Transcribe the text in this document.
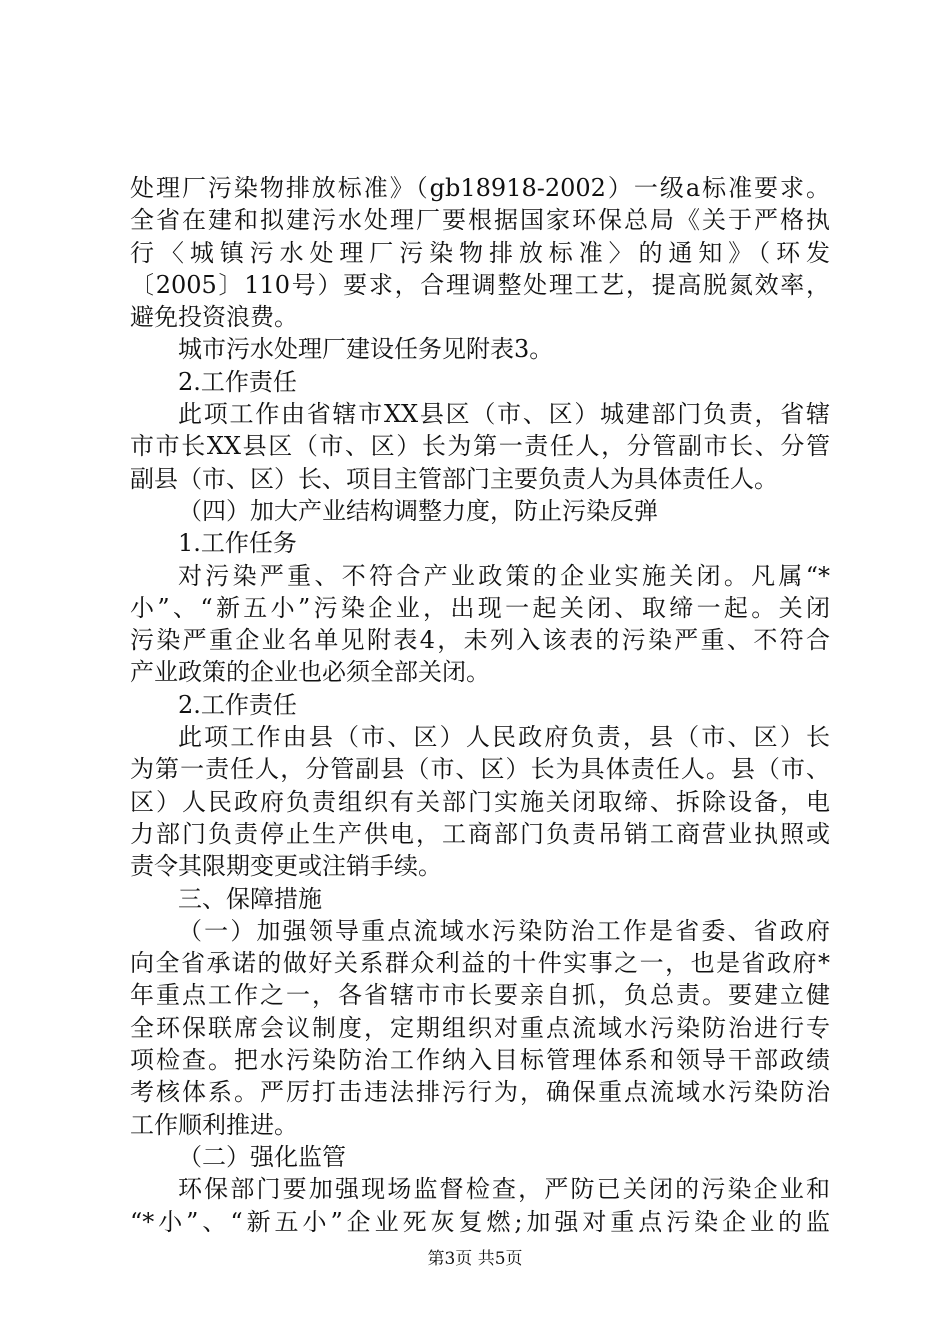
处理厂污染物排放标准》（gb18918-2002）一级a标准要求。
全省在建和拟建污水处理厂要根据国家环保总局《关于严格执
行〈城镇污水处理厂污染物排放标准〉的通知》（环发
〔2005〕110号）要求，合理调整处理工艺，提高脱氮效率，
避免投资浪费。
城市污水处理厂建设任务见附表3。
2.工作责任
此项工作由省辖市XX县区（市、区）城建部门负责，省辖
市市长XX县区（市、区）长为第一责任人，分管副市长、分管
副县（市、区）长、项目主管部门主要负责人为具体责任人。
（四）加大产业结构调整力度，防止污染反弹
1.工作任务
对污染严重、不符合产业政策的企业实施关闭。凡属“*
小”、“新五小”污染企业，出现一起关闭、取缔一起。关闭
污染严重企业名单见附表4，未列入该表的污染严重、不符合
产业政策的企业也必须全部关闭。
2.工作责任
此项工作由县（市、区）人民政府负责，县（市、区）长
为第一责任人，分管副县（市、区）长为具体责任人。县（市、
区）人民政府负责组织有关部门实施关闭取缔、拆除设备，电
力部门负责停止生产供电，工商部门负责吊销工商营业执照或
责令其限期变更或注销手续。
三、保障措施
（一）加强领导重点流域水污染防治工作是省委、省政府
向全省承诺的做好关系群众利益的十件实事之一，也是省政府*
年重点工作之一，各省辖市市长要亲自抓，负总责。要建立健
全环保联席会议制度，定期组织对重点流域水污染防治进行专
项检查。把水污染防治工作纳入目标管理体系和领导干部政绩
考核体系。严厉打击违法排污行为，确保重点流域水污染防治
工作顺利推进。
（二）强化监管
环保部门要加强现场监督检查，严防已关闭的污染企业和
“*小”、“新五小”企业死灰复燃;加强对重点污染企业的监
第3页 共5页
